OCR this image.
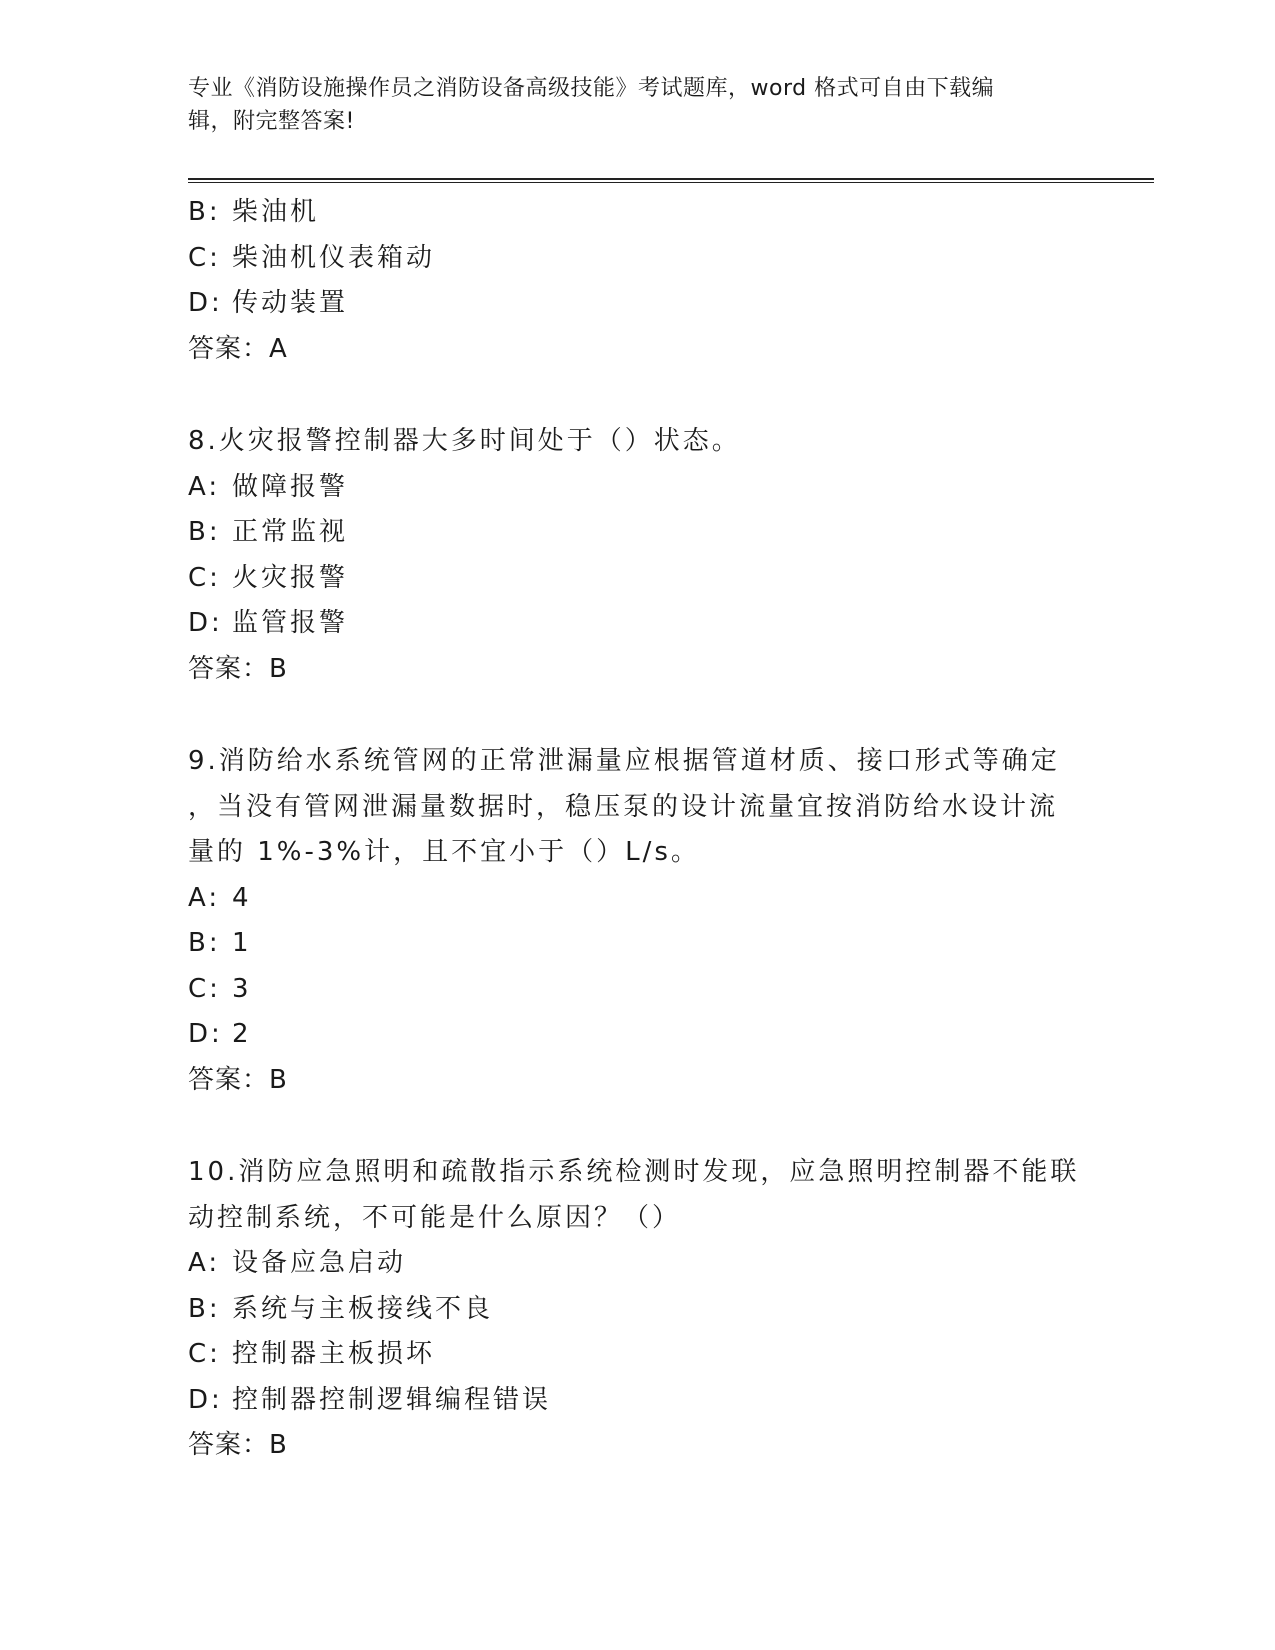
专业《消防设施操作员之消防设备高级技能》考试题库，word 格式可自由下载编
辑，附完整答案!
B: 柴油机
C: 柴油机仪表箱动
D: 传动装置
答案：A
8.火灾报警控制器大多时间处于（）状态。
A: 做障报警
B: 正常监视
C: 火灾报警
D: 监管报警
答案：B
9.消防给水系统管网的正常泄漏量应根据管道材质、接口形式等确定
，当没有管网泄漏量数据时，稳压泵的设计流量宜按消防给水设计流
量的 1%-3%计，且不宜小于（）L/s。
A: 4
B: 1
C: 3
D: 2
答案：B
10.消防应急照明和疏散指示系统检测时发现，应急照明控制器不能联
动控制系统，不可能是什么原因？（）
A: 设备应急启动
B: 系统与主板接线不良
C: 控制器主板损坏
D: 控制器控制逻辑编程错误
答案：B
